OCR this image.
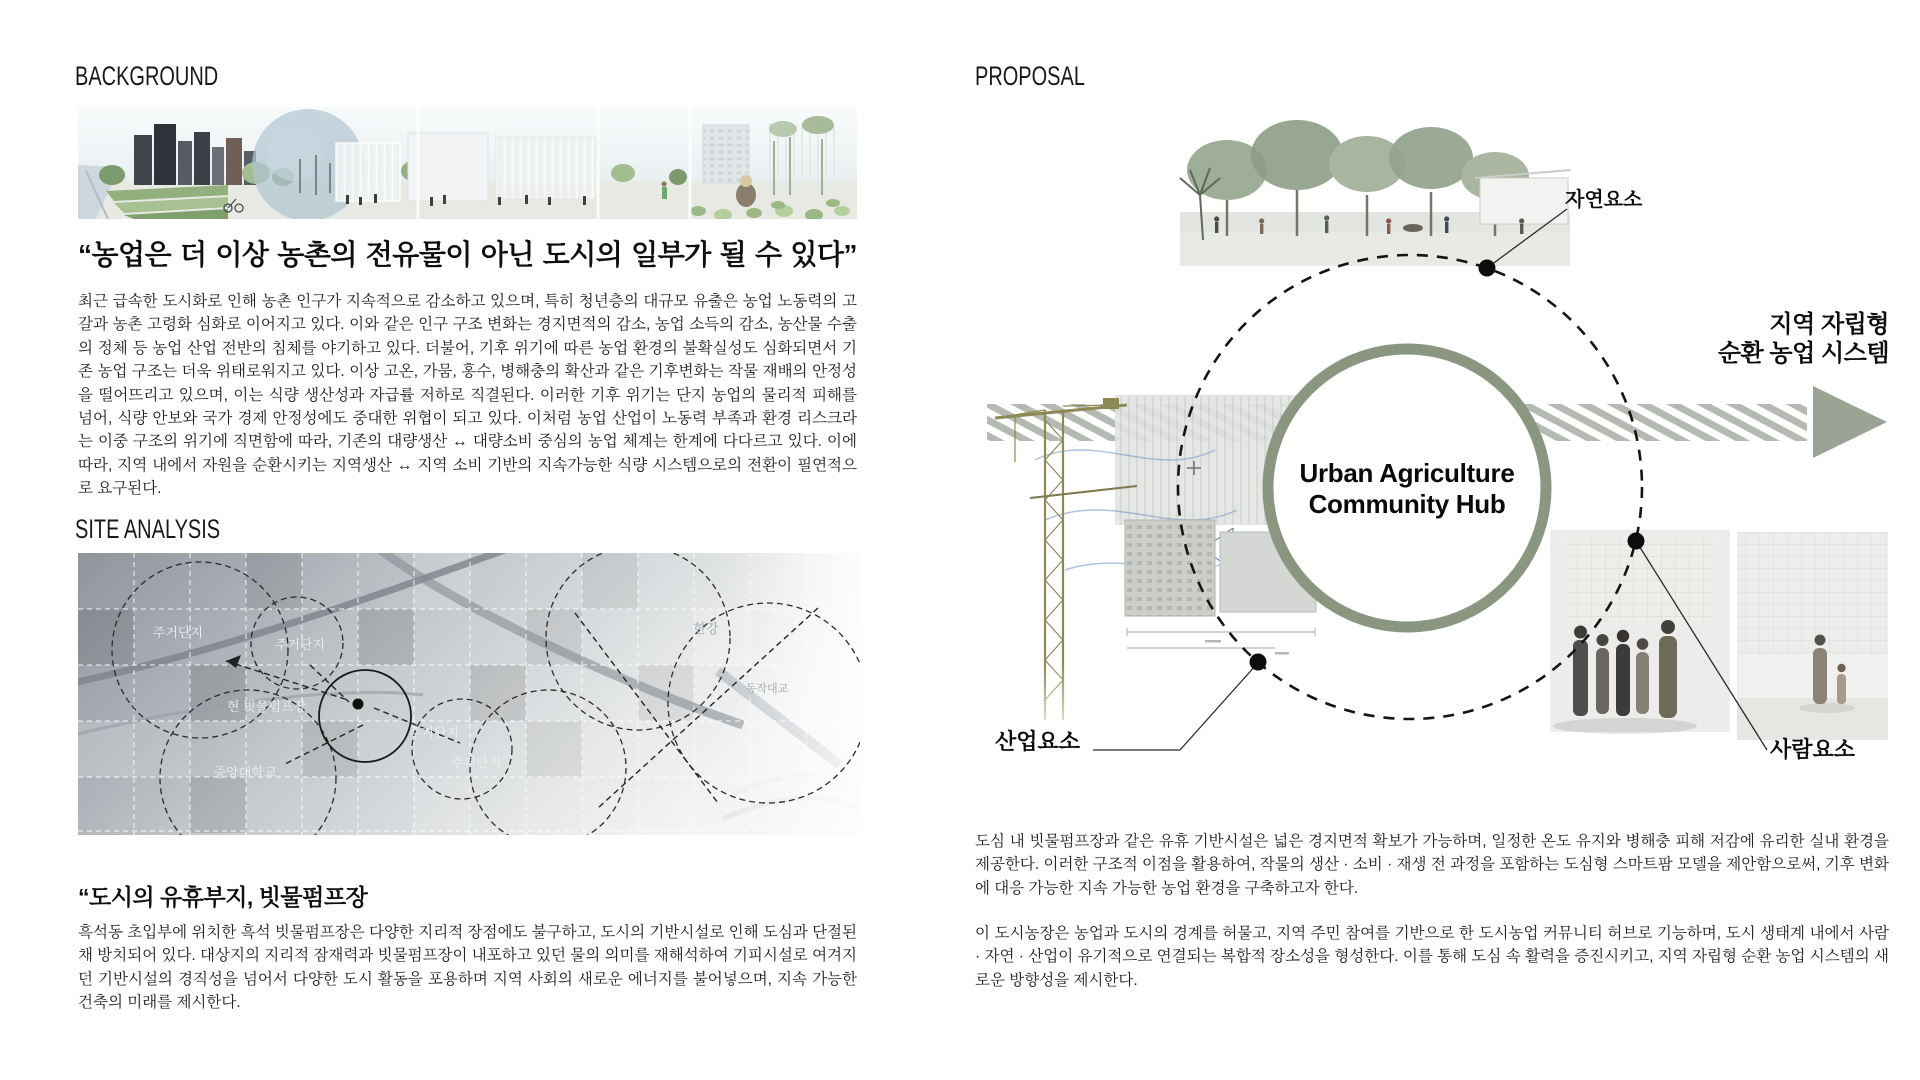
BACKGROUND
“농업은 더 이상 농촌의 전유물이 아닌 도시의 일부가 될 수 있다”
최근 급속한 도시화로 인해 농촌 인구가 지속적으로 감소하고 있으며, 특히 청년층의 대규모 유출은 농업 노동력의 고갈과 농촌 고령화 심화로 이어지고 있다. 이와 같은 인구 구조 변화는 경지면적의 감소, 농업 소득의 감소, 농산물 수출의 정체 등 농업 산업 전반의 침체를 야기하고 있다. 더불어, 기후 위기에 따른 농업 환경의 불확실성도 심화되면서 기존 농업 구조는 더욱 위태로워지고 있다. 이상 고온, 가뭄, 홍수, 병해충의 확산과 같은 기후변화는 작물 재배의 안정성을 떨어뜨리고 있으며, 이는 식량 생산성과 자급률 저하로 직결된다. 이러한 기후 위기는 단지 농업의 물리적 피해를 넘어, 식량 안보와 국가 경제 안정성에도 중대한 위협이 되고 있다. 이처럼 농업 산업이 노동력 부족과 환경 리스크라는 이중 구조의 위기에 직면함에 따라, 기존의 대량생산 ↔ 대량소비 중심의 농업 체계는 한계에 다다르고 있다. 이에 따라, 지역 내에서 자원을 순환시키는 지역생산 ↔ 지역 소비 기반의 지속가능한 식량 시스템으로의 전환이 필연적으로 요구된다.
SITE ANALYSIS
주거단지
주거단지
현 빗물펌프장
중앙대학교
주거단지
주거단지
한강
동작대교
“도시의 유휴부지, 빗물펌프장
흑석동 초입부에 위치한 흑석 빗물펌프장은 다양한 지리적 장점에도 불구하고, 도시의 기반시설로 인해 도심과 단절된 채 방치되어 있다. 대상지의 지리적 잠재력과 빗물펌프장이 내포하고 있던 물의 의미를 재해석하여 기피시설로 여겨지던 기반시설의 경직성을 넘어서 다양한 도시 활동을 포용하며 지역 사회의 새로운 에너지를 불어넣으며, 지속 가능한 건축의 미래를 제시한다.
PROPOSAL
자연요소
지역 자립형
순환 농업 시스템
Urban Agriculture
Community Hub
산업요소	사람요소
도심 내 빗물펌프장과 같은 유휴 기반시설은 넓은 경지면적 확보가 가능하며, 일정한 온도 유지와 병해충 피해 저감에 유리한 실내 환경을 제공한다. 이러한 구조적 이점을 활용하여, 작물의 생산 · 소비 · 재생 전 과정을 포함하는 도심형 스마트팜 모델을 제안함으로써, 기후 변화에 대응 가능한 지속 가능한 농업 환경을 구축하고자 한다.
이 도시농장은 농업과 도시의 경계를 허물고, 지역 주민 참여를 기반으로 한 도시농업 커뮤니티 허브로 기능하며, 도시 생태계 내에서 사람 · 자연 · 산업이 유기적으로 연결되는 복합적 장소성을 형성한다. 이를 통해 도심 속 활력을 증진시키고, 지역 자립형 순환 농업 시스템의 새로운 방향성을 제시한다.
